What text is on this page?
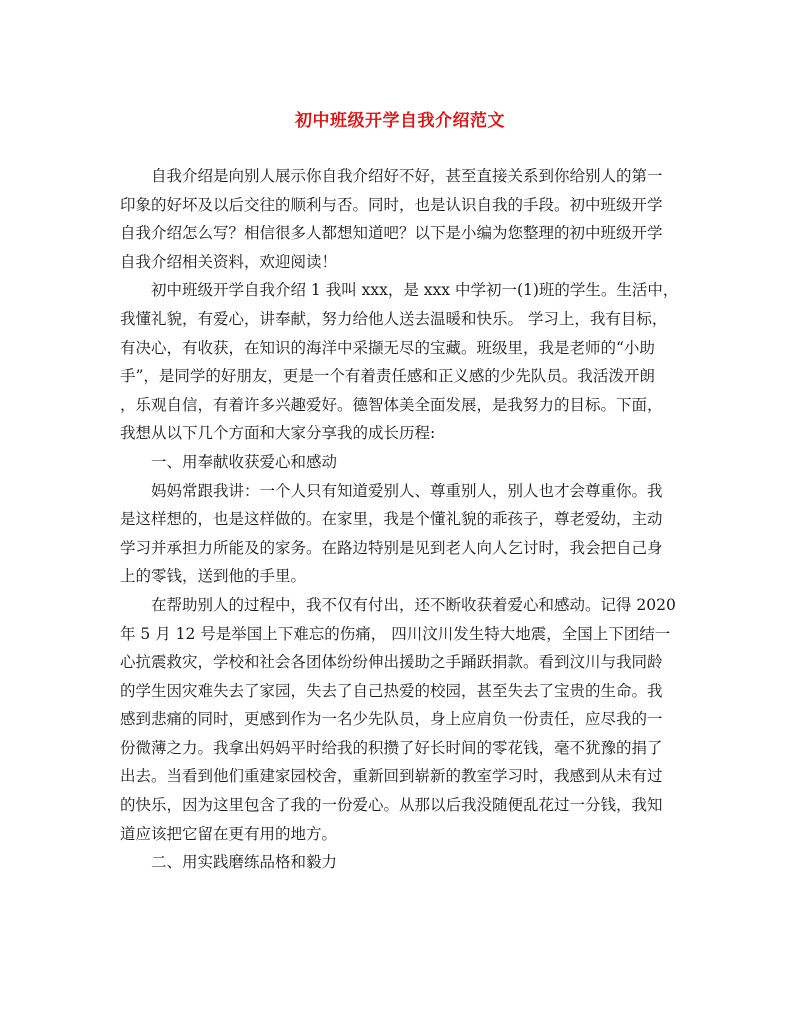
初中班级开学自我介绍范文
自我介绍是向别人展示你自我介绍好不好，甚至直接关系到你给别人的第一
印象的好坏及以后交往的顺利与否。同时，也是认识自我的手段。初中班级开学
自我介绍怎么写？相信很多人都想知道吧？以下是小编为您整理的初中班级开学
自我介绍相关资料，欢迎阅读！
初中班级开学自我介绍 1 我叫 xxx，是 xxx 中学初一(1)班的学生。生活中，
我懂礼貌，有爱心，讲奉献，努力给他人送去温暖和快乐。 学习上，我有目标，
有决心，有收获，在知识的海洋中采撷无尽的宝藏。班级里，我是老师的“小助
手”，是同学的好朋友，更是一个有着责任感和正义感的少先队员。我活泼开朗
，乐观自信，有着许多兴趣爱好。德智体美全面发展，是我努力的目标。下面，
我想从以下几个方面和大家分享我的成长历程:
一、用奉献收获爱心和感动
妈妈常跟我讲：一个人只有知道爱别人、尊重别人，别人也才会尊重你。我
是这样想的，也是这样做的。在家里，我是个懂礼貌的乖孩子，尊老爱幼，主动
学习并承担力所能及的家务。在路边特别是见到老人向人乞讨时，我会把自己身
上的零钱，送到他的手里。
在帮助别人的过程中，我不仅有付出，还不断收获着爱心和感动。记得 2020
年 5 月 12 号是举国上下难忘的伤痛， 四川汶川发生特大地震，全国上下团结一
心抗震救灾，学校和社会各团体纷纷伸出援助之手踊跃捐款。看到汶川与我同龄
的学生因灾难失去了家园，失去了自己热爱的校园，甚至失去了宝贵的生命。我
感到悲痛的同时，更感到作为一名少先队员，身上应肩负一份责任，应尽我的一
份微薄之力。我拿出妈妈平时给我的积攒了好长时间的零花钱，毫不犹豫的捐了
出去。当看到他们重建家园校舍，重新回到崭新的教室学习时，我感到从未有过
的快乐，因为这里包含了我的一份爱心。从那以后我没随便乱花过一分钱，我知
道应该把它留在更有用的地方。
二、用实践磨练品格和毅力
